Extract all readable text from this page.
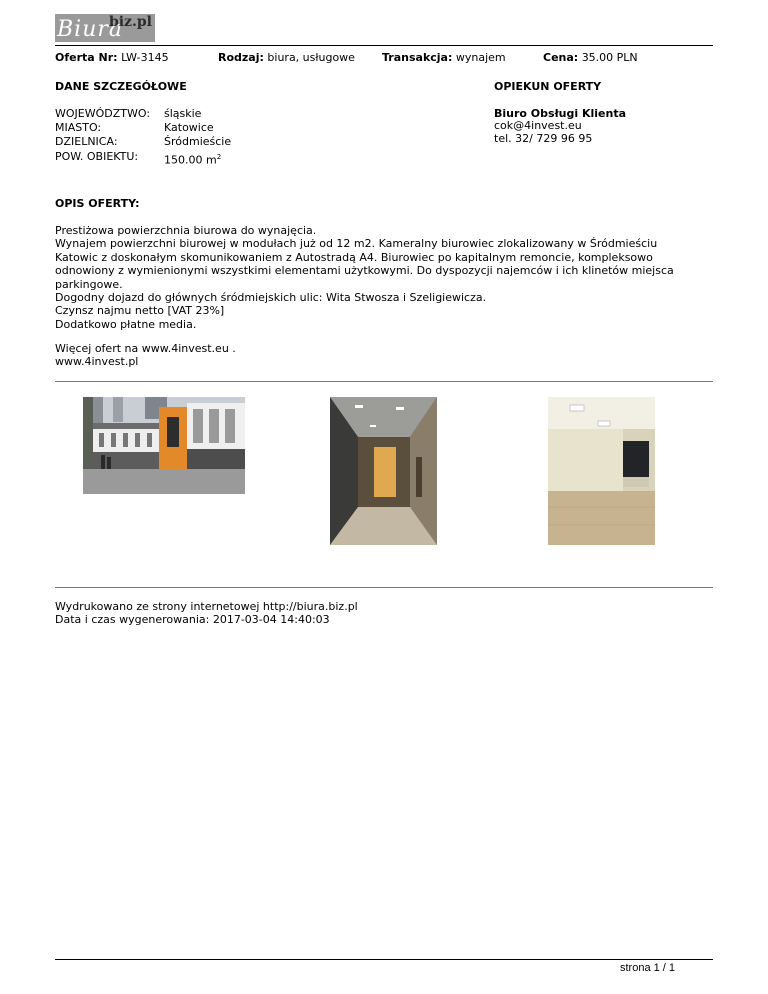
Biura
biz.pl
Oferta Nr: LW-3145	Rodzaj: biura, usługowe Transakcja: wynajem	Cena: 35.00 PLN
DANE SZCZEGÓŁOWE	OPIEKUN OFERTY
WOJEWÓDZTWO: śląskie
MIASTO:	Katowice
DZIELNICA:	Śródmieście
POW. OBIEKTU: 150.00 $m^2$
Biuro Obsługi Klienta
cok@4invest.eu
tel. 32/ 729 96 95
OPIS OFERTY:
Prestiżowa powierzchnia biurowa do wynajęcia.
Wynajem powierzchni biurowej w modułach już od 12 m2. Kameralny biurowiec zlokalizowany w Śródmieściu
Katowic z doskonałym skomunikowaniem z Autostradą A4. Biurowiec po kapitalnym remoncie, kompleksowo
odnowiony z wymienionymi wszystkimi elementami użytkowymi. Do dyspozycji najemców i ich klinetów miejsca
parkingowe.
Dogodny dojazd do głównych śródmiejskich ulic: Wita Stwosza i Szeligiewicza.
Czynsz najmu netto [VAT 23%]
Dodatkowo płatne media.
Więcej ofert na www.4invest.eu .
www.4invest.pl
Wydrukowano ze strony internetowej http://biura.biz.pl
Data i czas wygenerowania: 2017-03-04 14:40:03
strona 1 / 1
